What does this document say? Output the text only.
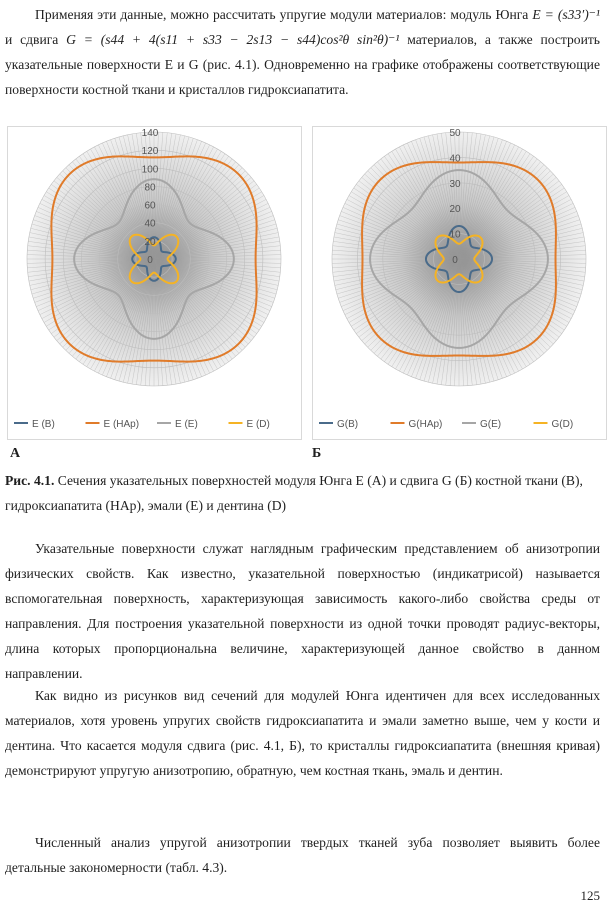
Применяя эти данные, можно рассчитать упругие модули материалов: модуль Юнга E = (s33′)⁻¹ и сдвига G = (s44 + 4(s11 + s33 − 2s13 − s44)cos²θ sin²θ)⁻¹ материалов, а также построить указательные поверхности E и G (рис. 4.1). Одновременно на графике отображены соответствующие поверхности костной ткани и кристаллов гидроксиапатита.
0
20
40
60
80
100
120
140
E (B)	E (HAp)	E (E)	E (D)
0
10
20
30
40
50
G(B)	G(HAp)	G(E)	G(D)
А	Б
Рис. 4.1. Сечения указательных поверхностей модуля Юнга E (А) и сдвига G (Б) костной ткани (B), гидроксиапатита (HAp), эмали (E) и дентина (D)
Указательные поверхности служат наглядным графическим представлением об анизотропии физических свойств. Как известно, указательной поверхностью (индикатрисой) называется вспомогательная поверхность, характеризующая зависимость какого-либо свойства среды от направления. Для построения указательной поверхности из одной точки проводят радиус-векторы, длина которых пропорциональна величине, характеризующей данное свойство в данном направлении.
Как видно из рисунков вид сечений для модулей Юнга идентичен для всех исследованных материалов, хотя уровень упругих свойств гидроксиапатита и эмали заметно выше, чем у кости и дентина. Что касается модуля сдвига (рис. 4.1, Б), то кристаллы гидроксиапатита (внешняя кривая) демонстрируют упругую анизотропию, обратную, чем костная ткань, эмаль и дентин.
Численный анализ упругой анизотропии твердых тканей зуба позволяет выявить более детальные закономерности (табл. 4.3).
125
